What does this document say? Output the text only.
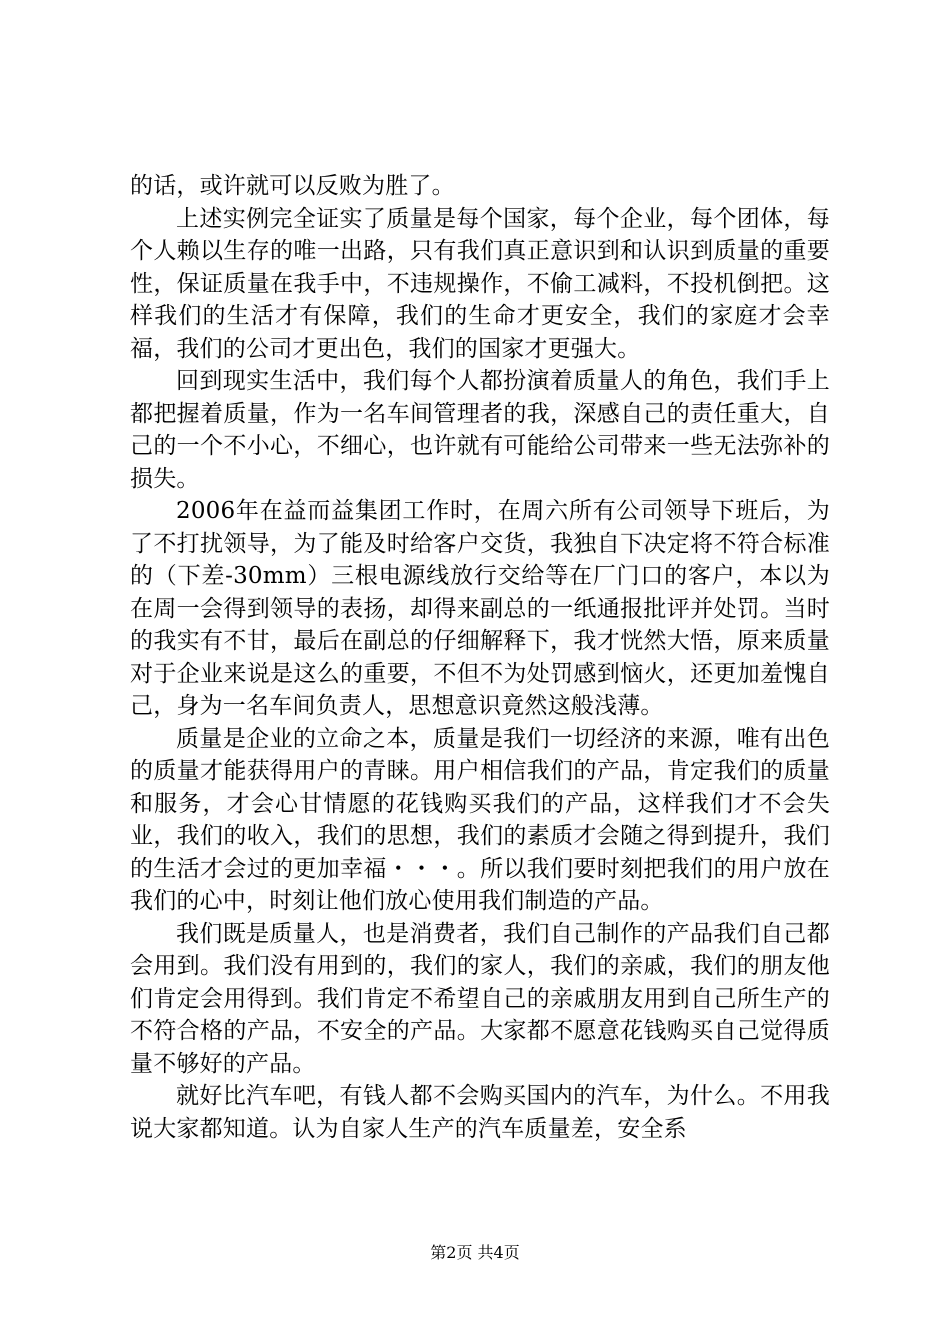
的话，或许就可以反败为胜了。

上述实例完全证实了质量是每个国家，每个企业，每个团体，每个人赖以生存的唯一出路，只有我们真正意识到和认识到质量的重要性，保证质量在我手中，不违规操作，不偷工减料，不投机倒把。这样我们的生活才有保障，我们的生命才更安全，我们的家庭才会幸福，我们的公司才更出色，我们的国家才更强大。

回到现实生活中，我们每个人都扮演着质量人的角色，我们手上都把握着质量，作为一名车间管理者的我，深感自己的责任重大，自己的一个不小心，不细心，也许就有可能给公司带来一些无法弥补的损失。

2006年在益而益集团工作时，在周六所有公司领导下班后，为了不打扰领导，为了能及时给客户交货，我独自下决定将不符合标准的（下差-30mm）三根电源线放行交给等在厂门口的客户，本以为在周一会得到领导的表扬，却得来副总的一纸通报批评并处罚。当时的我实有不甘，最后在副总的仔细解释下，我才恍然大悟，原来质量对于企业来说是这么的重要，不但不为处罚感到恼火，还更加羞愧自己，身为一名车间负责人，思想意识竟然这般浅薄。

质量是企业的立命之本，质量是我们一切经济的来源，唯有出色的质量才能获得用户的青睐。用户相信我们的产品，肯定我们的质量和服务，才会心甘情愿的花钱购买我们的产品，这样我们才不会失业，我们的收入，我们的思想，我们的素质才会随之得到提升，我们的生活才会过的更加幸福・・・。所以我们要时刻把我们的用户放在我们的心中，时刻让他们放心使用我们制造的产品。

我们既是质量人，也是消费者，我们自己制作的产品我们自己都会用到。我们没有用到的，我们的家人，我们的亲戚，我们的朋友他们肯定会用得到。我们肯定不希望自己的亲戚朋友用到自己所生产的不符合格的产品，不安全的产品。大家都不愿意花钱购买自己觉得质量不够好的产品。

就好比汽车吧，有钱人都不会购买国内的汽车，为什么。不用我说大家都知道。认为自家人生产的汽车质量差，安全系

第2页 共4页
